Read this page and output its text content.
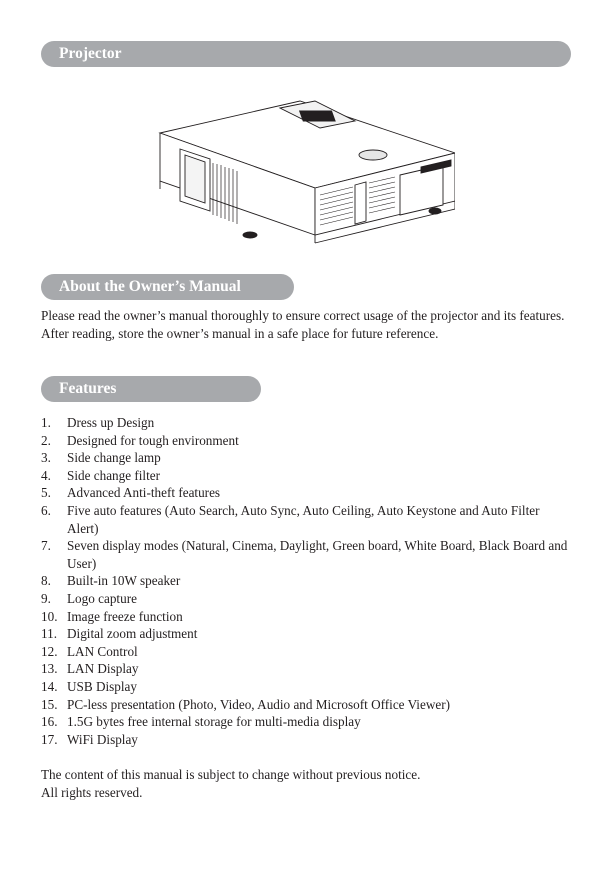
Projector
About the Owner’s Manual

Please read the owner’s manual thoroughly to ensure correct usage of the projector and its features.

After reading, store the owner’s manual in a safe place for future reference.

Features
1. Dress up Design
2. Designed for tough environment
3. Side change lamp
4. Side change filter
5. Advanced Anti-theft features
6. Five auto features (Auto Search, Auto Sync, Auto Ceiling, Auto Keystone and Auto Filter Alert)
7. Seven display modes (Natural, Cinema, Daylight, Green board, White Board, Black Board and User)
8. Built-in 10W speaker
9. Logo capture
10. Image freeze function
11. Digital zoom adjustment
12. LAN Control
13. LAN Display
14. USB Display
15. PC-less presentation (Photo, Video, Audio and Microsoft Office Viewer)
16. 1.5G bytes free internal storage for multi-media display
17. WiFi Display

The content of this manual is subject to change without previous notice.

All rights reserved.
